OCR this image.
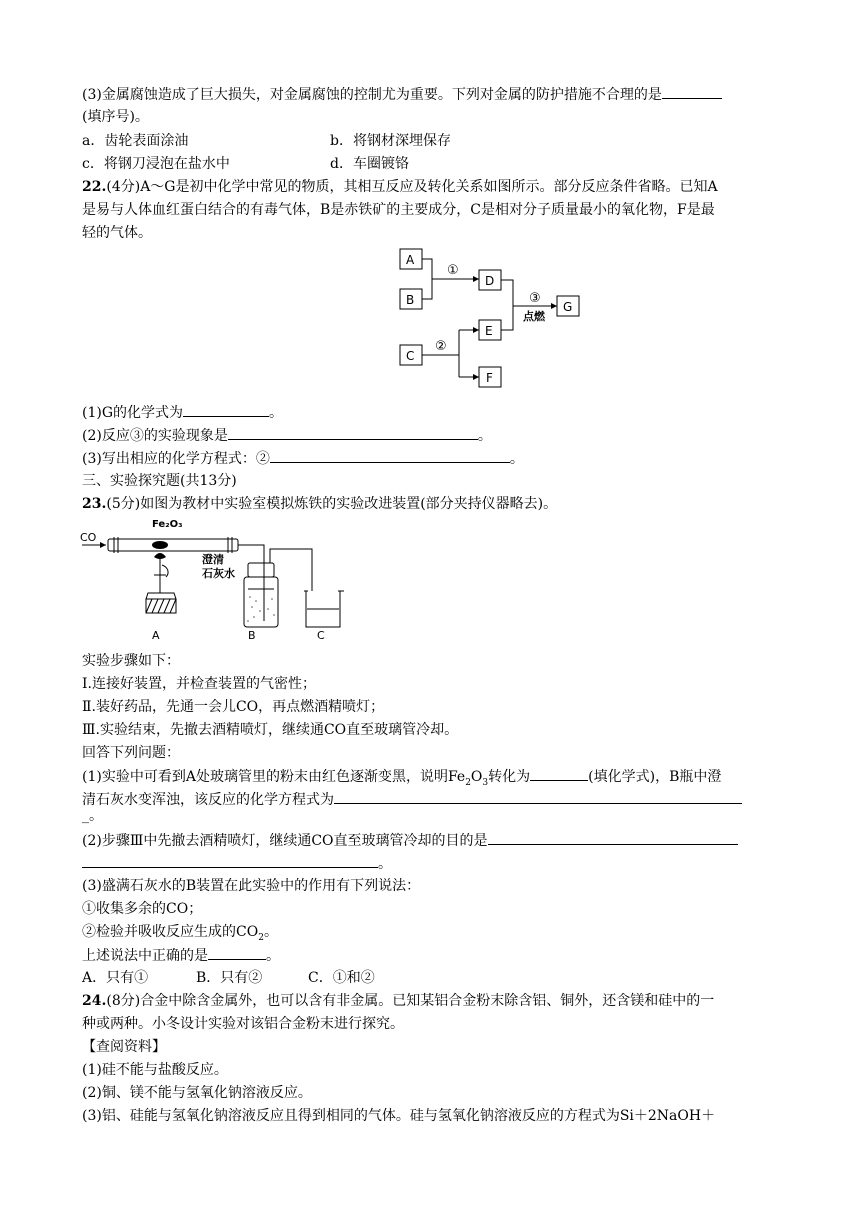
(3)金属腐蚀造成了巨大损失，对金属腐蚀的控制尤为重要。下列对金属的防护措施不合理的是
(填序号)。
a．齿轮表面涂油	b．将钢材深埋保存
c．将钢刀浸泡在盐水中	d．车圈镀铬
22.(4分)A～G是初中化学中常见的物质，其相互反应及转化关系如图所示。部分反应条件省略。已知A
是易与人体血红蛋白结合的有毒气体，B是赤铁矿的主要成分，C是相对分子质量最小的氧化物，F是最
轻的气体。
A
B
D
G
E
C
F
①
③
点燃
②
(1)G的化学式为	。
(2)反应③的实验现象是	。
(3)写出相应的化学方程式：②	。
三、实验探究题(共13分)
23.(5分)如图为教材中实验室模拟炼铁的实验改进装置(部分夹持仪器略去)。
CO
Fe₂O₃
澄清
石灰水
A	B	C
实验步骤如下：
Ⅰ.连接好装置，并检查装置的气密性；
Ⅱ.装好药品，先通一会儿CO，再点燃酒精喷灯；
Ⅲ.实验结束，先撤去酒精喷灯，继续通CO直至玻璃管冷却。
回答下列问题：
(1)实验中可看到A处玻璃管里的粉末由红色逐渐变黑，说明$Fe_2O_3$转化为	(填化学式)，B瓶中澄
清石灰水变浑浊，该反应的化学方程式为
_。
(2)步骤Ⅲ中先撤去酒精喷灯，继续通CO直至玻璃管冷却的目的是
。
(3)盛满石灰水的B装置在此实验中的作用有下列说法：
①收集多余的CO；
②检验并吸收反应生成的$CO_2$。
上述说法中正确的是	。
A．只有①	B．只有②	C．①和②
24.(8分)合金中除含金属外，也可以含有非金属。已知某铝合金粉末除含铝、铜外，还含镁和硅中的一
种或两种。小冬设计实验对该铝合金粉末进行探究。
【查阅资料】
(1)硅不能与盐酸反应。
(2)铜、镁不能与氢氧化钠溶液反应。
(3)铝、硅能与氢氧化钠溶液反应且得到相同的气体。硅与氢氧化钠溶液反应的方程式为Si＋2NaOH＋
